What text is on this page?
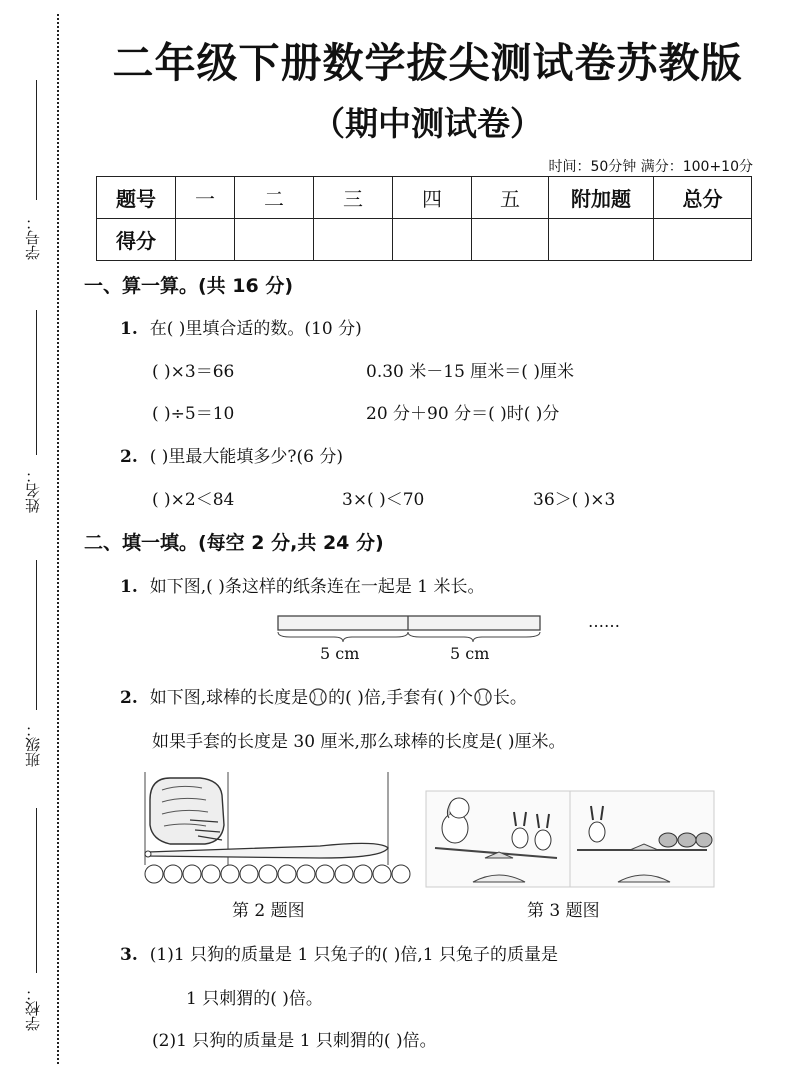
学号：
姓名：
班级：
学校：
二年级下册数学拔尖测试卷苏教版
（期中测试卷）
时间：50分钟 满分：100+10分
题号	一	二	三	四	五	附加题	总分
得分							
一、算一算。(共 16 分)
1. 在( )里填合适的数。(10 分)
( )×3＝66	0.30 米－15 厘米＝( )厘米
( )÷5＝10	20 分＋90 分＝( )时( )分
2. ( )里最大能填多少?(6 分)
( )×2＜84	3×( )＜70	36＞( )×3
二、填一填。(每空 2 分,共 24 分)
1. 如下图,( )条这样的纸条连在一起是 1 米长。
……
5 cm	5 cm
2. 如下图,球棒的长度是 的( )倍,手套有( )个 长。
如果手套的长度是 30 厘米,那么球棒的长度是( )厘米。
第 2 题图	第 3 题图
3. (1)1 只狗的质量是 1 只兔子的( )倍,1 只兔子的质量是
1 只刺猬的( )倍。
(2)1 只狗的质量是 1 只刺猬的( )倍。
